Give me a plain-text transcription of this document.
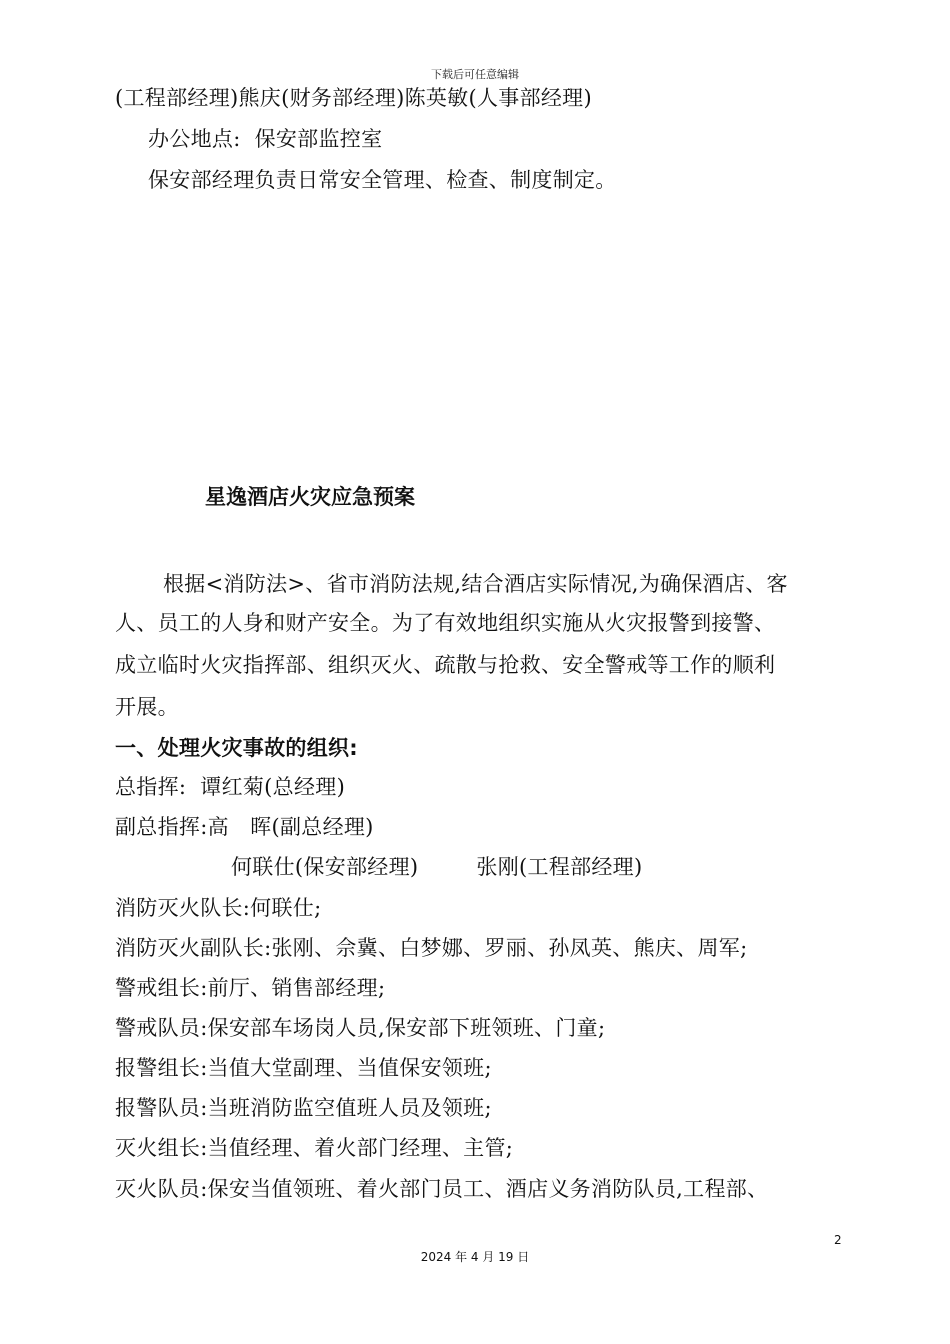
下载后可任意编辑
(工程部经理)熊庆(财务部经理)陈英敏(人事部经理)
办公地点: 保安部监控室
保安部经理负责日常安全管理、检查、制度制定。
星逸酒店火灾应急预案
根据<消防法>、省市消防法规,结合酒店实际情况,为确保酒店、客
人、员工的人身和财产安全。为了有效地组织实施从火灾报警到接警、
成立临时火灾指挥部、组织灭火、疏散与抢救、安全警戒等工作的顺利
开展。
一、处理火灾事故的组织:
总指挥: 谭红菊(总经理)
副总指挥:高　晖(副总经理)
何联仕(保安部经理)	张刚(工程部经理)
消防灭火队长:何联仕;
消防灭火副队长:张刚、佘冀、白梦娜、罗丽、孙凤英、熊庆、周军;
警戒组长:前厅、销售部经理;
警戒队员:保安部车场岗人员,保安部下班领班、门童;
报警组长:当值大堂副理、当值保安领班;
报警队员:当班消防监空值班人员及领班;
灭火组长:当值经理、着火部门经理、主管;
灭火队员:保安当值领班、着火部门员工、酒店义务消防队员,工程部、
2
2024 年 4 月 19 日
